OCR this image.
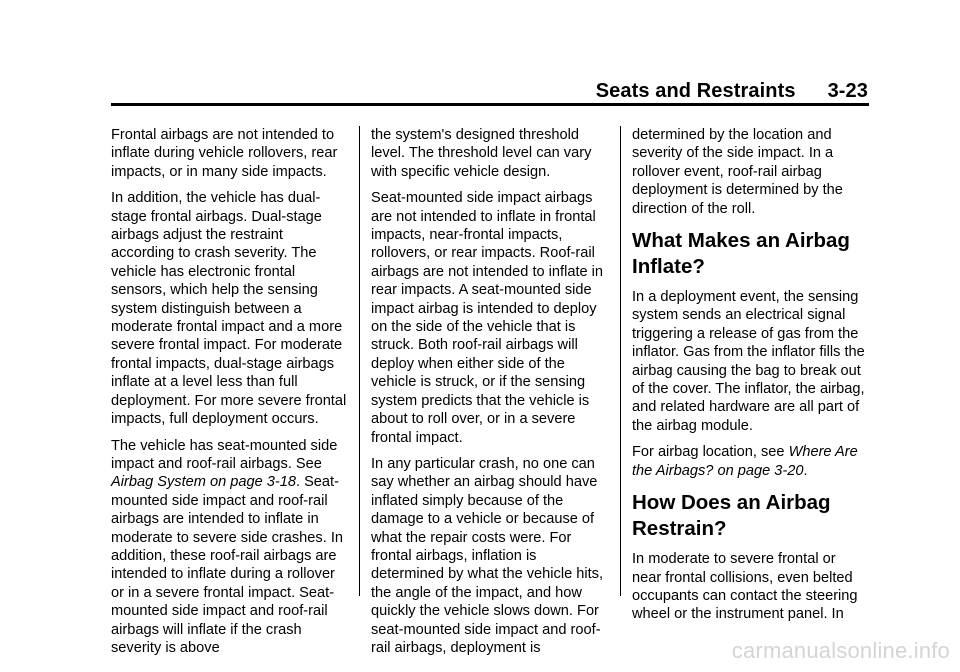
Seats and Restraints 3-23

Frontal airbags are not intended to inflate during vehicle rollovers, rear impacts, or in many side impacts.

In addition, the vehicle has dual-stage frontal airbags. Dual-stage airbags adjust the restraint according to crash severity. The vehicle has electronic frontal sensors, which help the sensing system distinguish between a moderate frontal impact and a more severe frontal impact. For moderate frontal impacts, dual-stage airbags inflate at a level less than full deployment. For more severe frontal impacts, full deployment occurs.

The vehicle has seat-mounted side impact and roof-rail airbags. See Airbag System on page 3-18. Seat-mounted side impact and roof-rail airbags are intended to inflate in moderate to severe side crashes. In addition, these roof-rail airbags are intended to inflate during a rollover or in a severe frontal impact. Seat-mounted side impact and roof-rail airbags will inflate if the crash severity is above

the system's designed threshold level. The threshold level can vary with specific vehicle design.

Seat-mounted side impact airbags are not intended to inflate in frontal impacts, near-frontal impacts, rollovers, or rear impacts. Roof-rail airbags are not intended to inflate in rear impacts. A seat-mounted side impact airbag is intended to deploy on the side of the vehicle that is struck. Both roof-rail airbags will deploy when either side of the vehicle is struck, or if the sensing system predicts that the vehicle is about to roll over, or in a severe frontal impact.

In any particular crash, no one can say whether an airbag should have inflated simply because of the damage to a vehicle or because of what the repair costs were. For frontal airbags, inflation is determined by what the vehicle hits, the angle of the impact, and how quickly the vehicle slows down. For seat-mounted side impact and roof-rail airbags, deployment is

determined by the location and severity of the side impact. In a rollover event, roof-rail airbag deployment is determined by the direction of the roll.

What Makes an Airbag Inflate?

In a deployment event, the sensing system sends an electrical signal triggering a release of gas from the inflator. Gas from the inflator fills the airbag causing the bag to break out of the cover. The inflator, the airbag, and related hardware are all part of the airbag module.

For airbag location, see Where Are the Airbags? on page 3-20.

How Does an Airbag Restrain?

In moderate to severe frontal or near frontal collisions, even belted occupants can contact the steering wheel or the instrument panel. In

carmanualsonline.info
